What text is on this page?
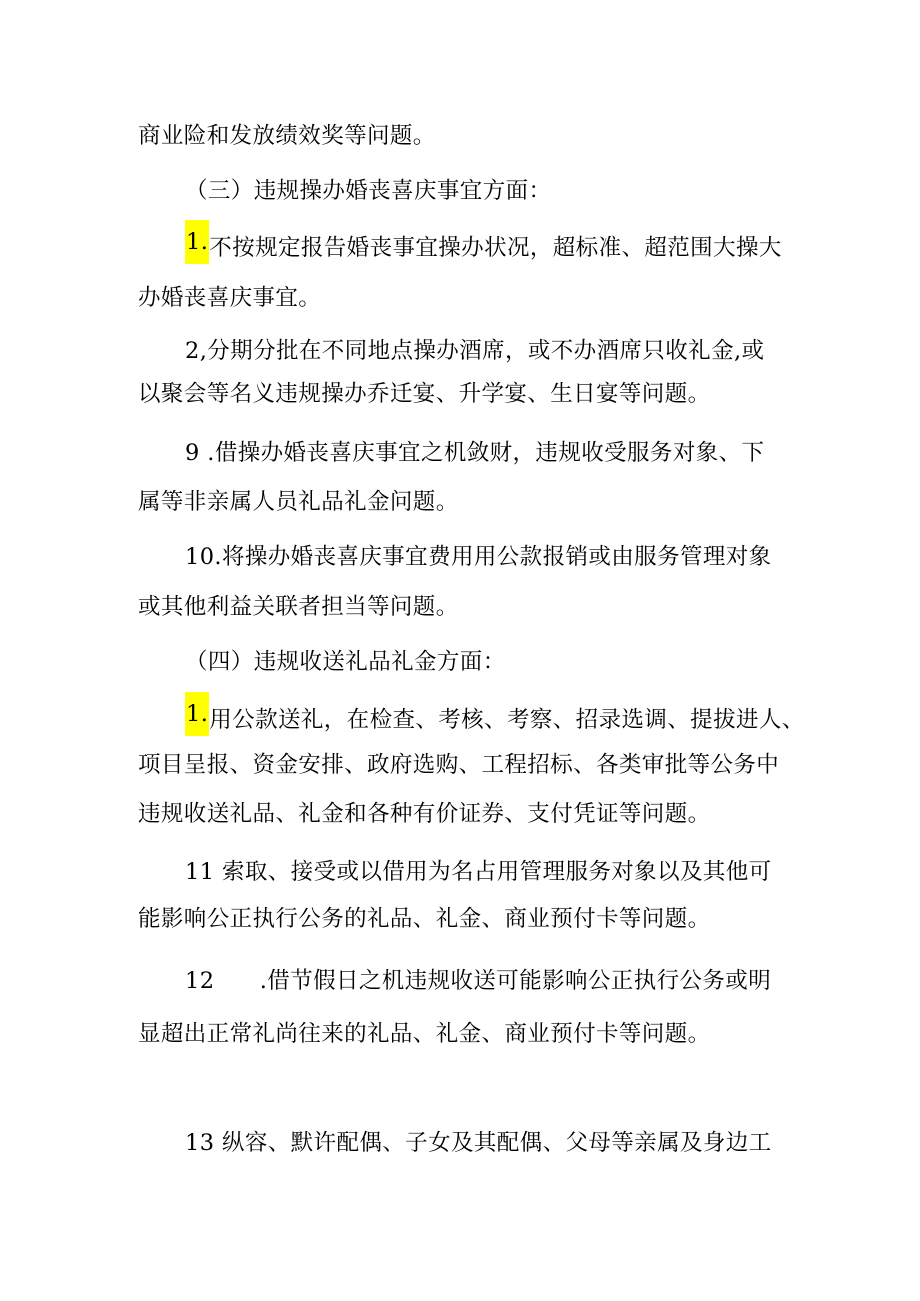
商业险和发放绩效奖等问题。
（三）违规操办婚丧喜庆事宜方面：
1.不按规定报告婚丧事宜操办状况，超标准、超范围大操大
办婚丧喜庆事宜。
2,分期分批在不同地点操办酒席，或不办酒席只收礼金,或
以聚会等名义违规操办乔迁宴、升学宴、生日宴等问题。
9 .借操办婚丧喜庆事宜之机敛财，违规收受服务对象、下
属等非亲属人员礼品礼金问题。
10.将操办婚丧喜庆事宜费用用公款报销或由服务管理对象
或其他利益关联者担当等问题。
（四）违规收送礼品礼金方面：
1.用公款送礼，在检查、考核、考察、招录选调、提拔进人、
项目呈报、资金安排、政府选购、工程招标、各类审批等公务中
违规收送礼品、礼金和各种有价证券、支付凭证等问题。
11 索取、接受或以借用为名占用管理服务对象以及其他可
能影响公正执行公务的礼品、礼金、商业预付卡等问题。
12      .借节假日之机违规收送可能影响公正执行公务或明
显超出正常礼尚往来的礼品、礼金、商业预付卡等问题。
13 纵容、默许配偶、子女及其配偶、父母等亲属及身边工
